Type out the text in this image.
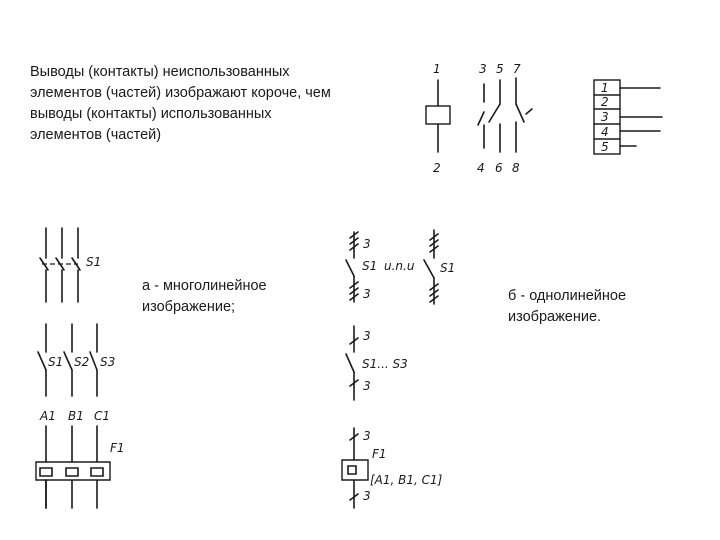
Выводы (контакты) неиспользованных
элементов (частей) изображают короче, чем
выводы (контакты) использованных
элементов (частей)
а - многолинейное
изображение;
б - однолинейное
изображение.
1	3 5 7
2	4 6 8
1
2
3
4
5
S1
S1 S2 S3
A1 B1 C1
F1
3
S1 u.n.u
3
S1
3
S1... S3
3
3
F1
[A1, B1, C1]
3
